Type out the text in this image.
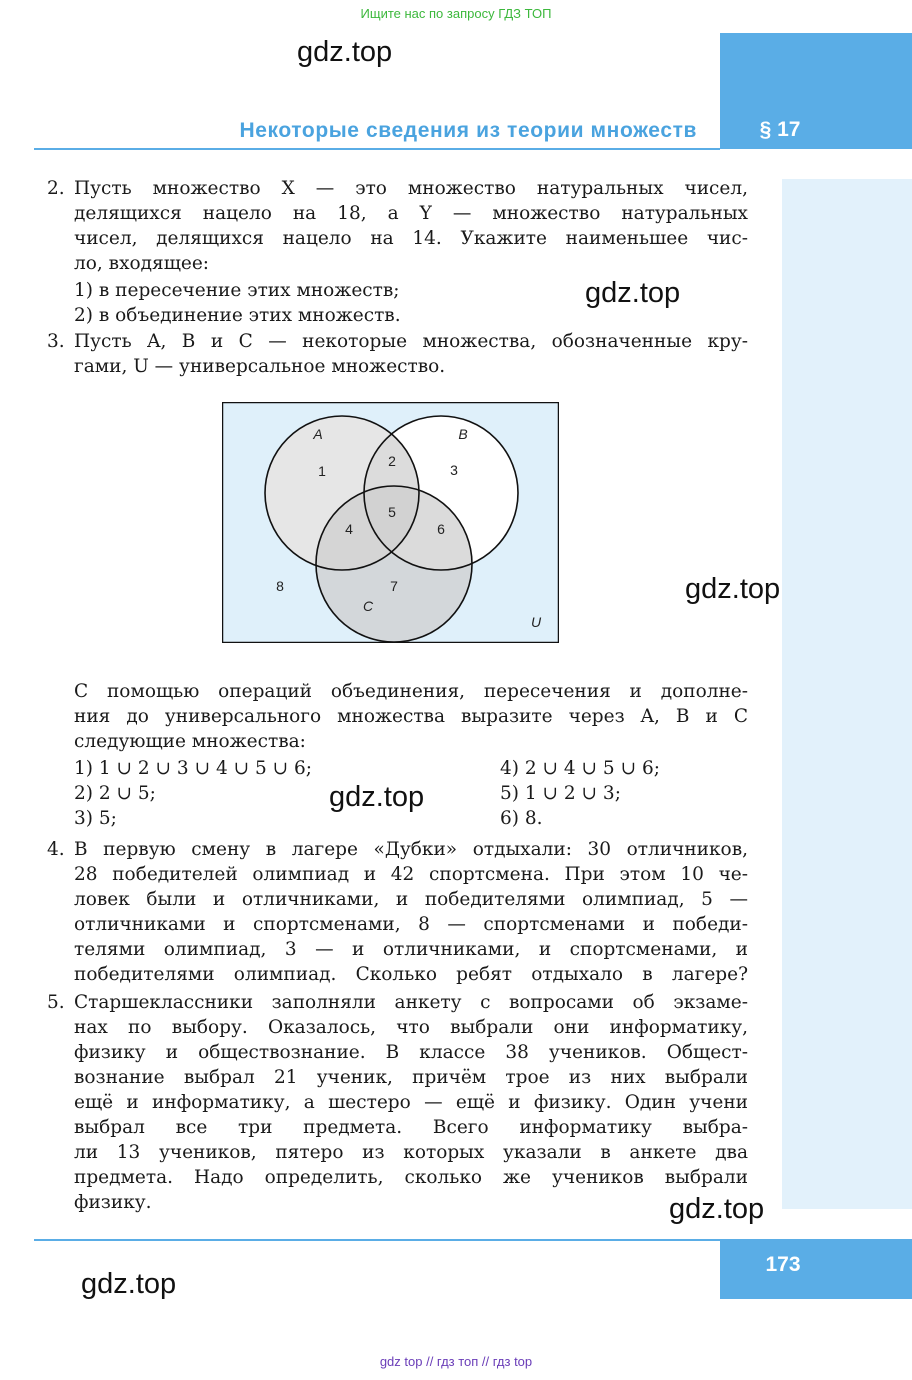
Ищите нас по запросу ГДЗ ТОП
gdz.top
gdz.top
gdz.top
gdz.top
gdz.top
gdz.top
§ 17
Некоторые сведения из теории множеств
2. Пусть множество X — это множество натуральных чисел,
делящихся нацело на 18, а Y — множество натуральных
чисел, делящихся нацело на 14. Укажите наименьшее чис-
ло, входящее:
1) в пересечение этих множеств;
2) в объединение этих множеств.
3. Пусть A, B и C — некоторые множества, обозначенные кру-
гами, U — универсальное множество.
A	B
C
U
1
2
3
4
5
6
7
8
С помощью операций объединения, пересечения и дополне-
ния до универсального множества выразите через A, B и C
следующие множества:
1) 1 ∪ 2 ∪ 3 ∪ 4 ∪ 5 ∪ 6;
2) 2 ∪ 5;
3) 5;
4) 2 ∪ 4 ∪ 5 ∪ 6;
5) 1 ∪ 2 ∪ 3;
6) 8.
4. В первую смену в лагере «Дубки» отдыхали: 30 отличников,
28 победителей олимпиад и 42 спортсмена. При этом 10 че-
ловек были и отличниками, и победителями олимпиад, 5 —
отличниками и спортсменами, 8 — спортсменами и победи-
телями олимпиад, 3 — и отличниками, и спортсменами, и
победителями олимпиад. Сколько ребят отдыхало в лагере?
5. Старшеклассники заполняли анкету с вопросами об экзаме-
нах по выбору. Оказалось, что выбрали они информатику,
физику и обществознание. В классе 38 учеников. Общест-
вознание выбрал 21 ученик, причём трое из них выбрали
ещё и информатику, а шестеро — ещё и физику. Один учени
выбрал все три предмета. Всего информатику выбра-
ли 13 учеников, пятеро из которых указали в анкете два
предмета. Надо определить, сколько же учеников выбрали
физику.
173
gdz top // гдз топ // гдз top
